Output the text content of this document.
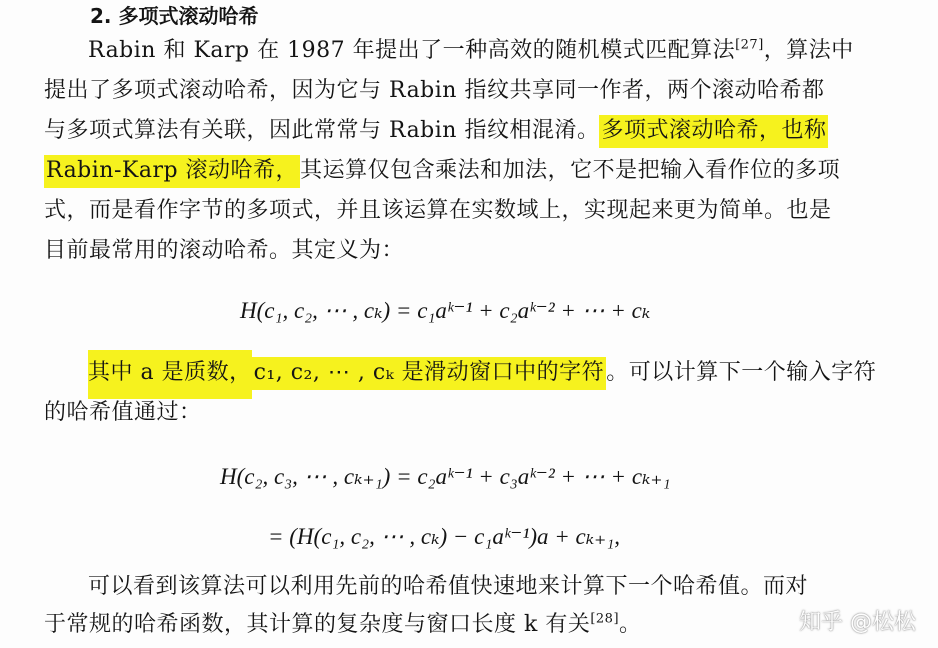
2. 多项式滚动哈希
Rabin 和 Karp 在 1987 年提出了一种高效的随机模式匹配算法[27]，算法中
提出了多项式滚动哈希，因为它与 Rabin 指纹共享同一作者，两个滚动哈希都
与多项式算法有关联，因此常常与 Rabin 指纹相混淆。多项式滚动哈希，也称
Rabin-Karp 滚动哈希，其运算仅包含乘法和加法，它不是把输入看作位的多项
式，而是看作字节的多项式，并且该运算在实数域上，实现起来更为简单。也是
目前最常用的滚动哈希。其定义为：
H(c₁, c₂, ⋯ , cₖ) = c₁aᵏ⁻¹ + c₂aᵏ⁻² + ⋯ + cₖ
其中 a 是质数，c₁, c₂, ⋯ , cₖ 是滑动窗口中的字符。可以计算下一个输入字符
的哈希值通过：
H(c₂, c₃, ⋯ , cₖ₊₁) = c₂aᵏ⁻¹ + c₃aᵏ⁻² + ⋯ + cₖ₊₁
= (H(c₁, c₂, ⋯ , cₖ) − c₁aᵏ⁻¹)a + cₖ₊₁,
可以看到该算法可以利用先前的哈希值快速地来计算下一个哈希值。而对
于常规的哈希函数，其计算的复杂度与窗口长度 k 有关[28]。	知乎 @松松
